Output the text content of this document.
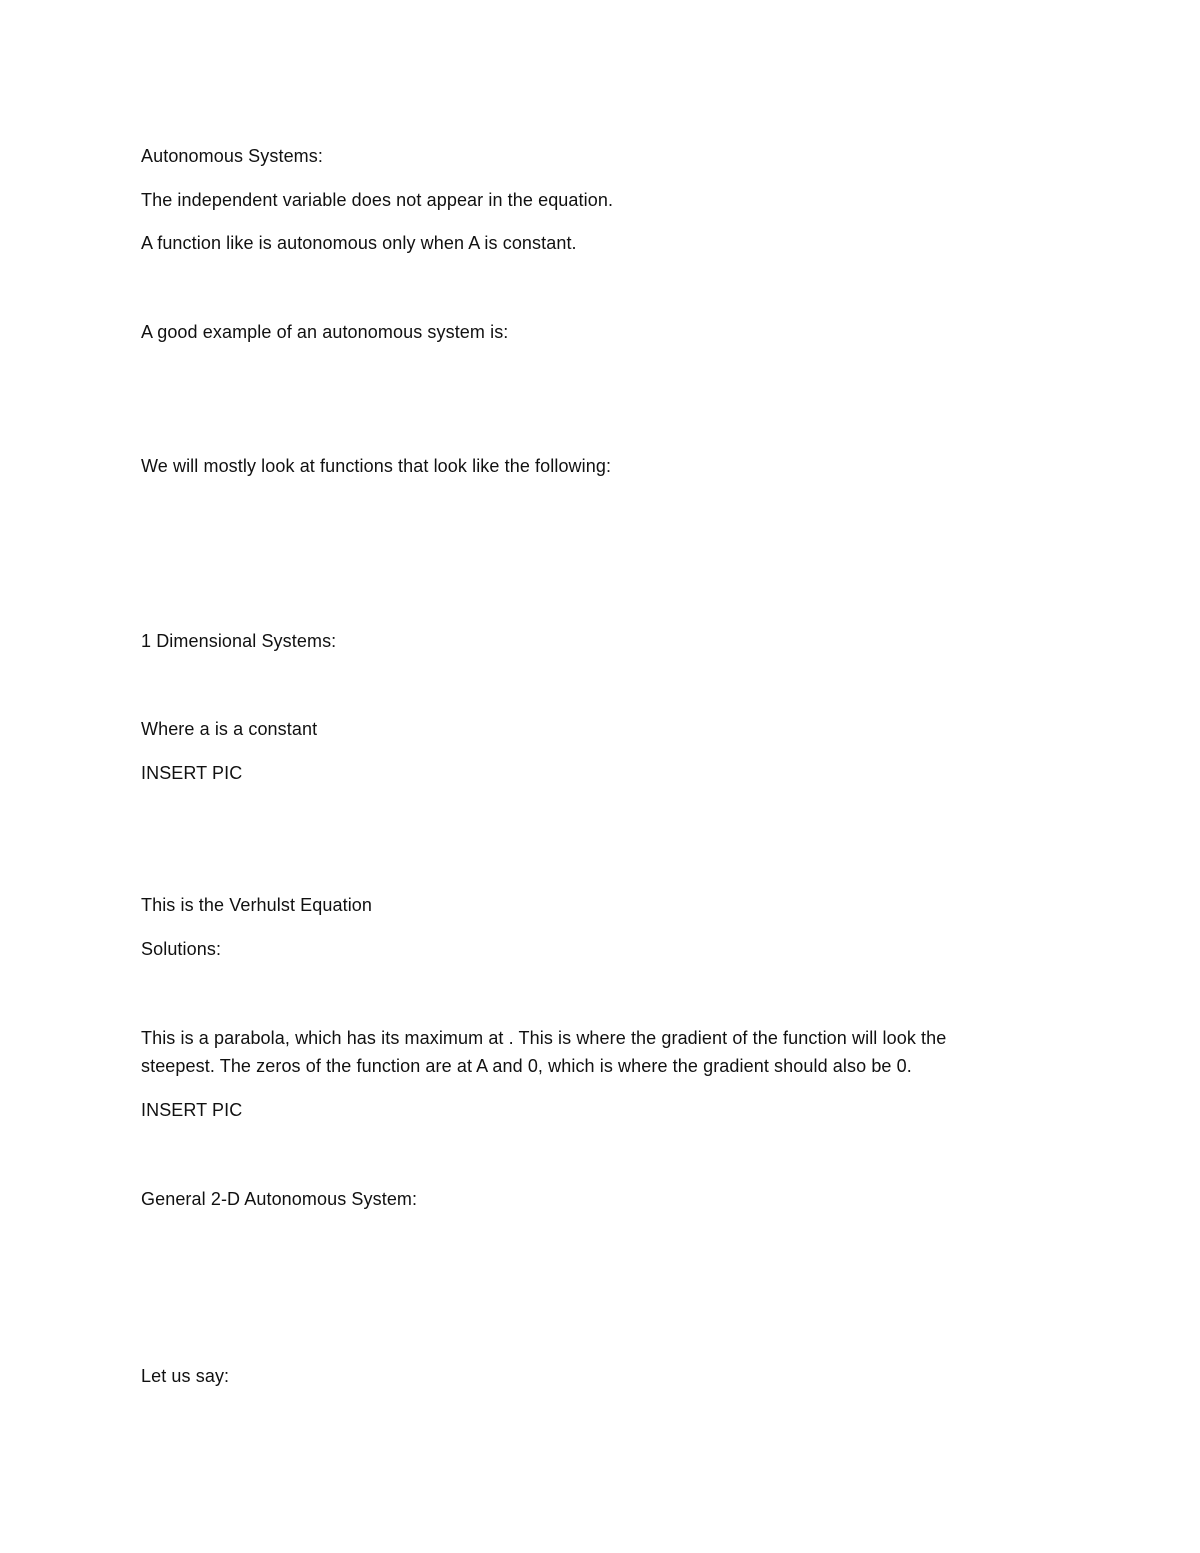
Autonomous Systems:
The independent variable does not appear in the equation.
A function like is autonomous only when A is constant.
A good example of an autonomous system is:
We will mostly look at functions that look like the following:
1 Dimensional Systems:
Where a is a constant
INSERT PIC
This is the Verhulst Equation
Solutions:
This is a parabola, which has its maximum at . This is where the gradient of the function will look the
steepest. The zeros of the function are at A and 0, which is where the gradient should also be 0.
INSERT PIC
General 2-D Autonomous System:
Let us say:
